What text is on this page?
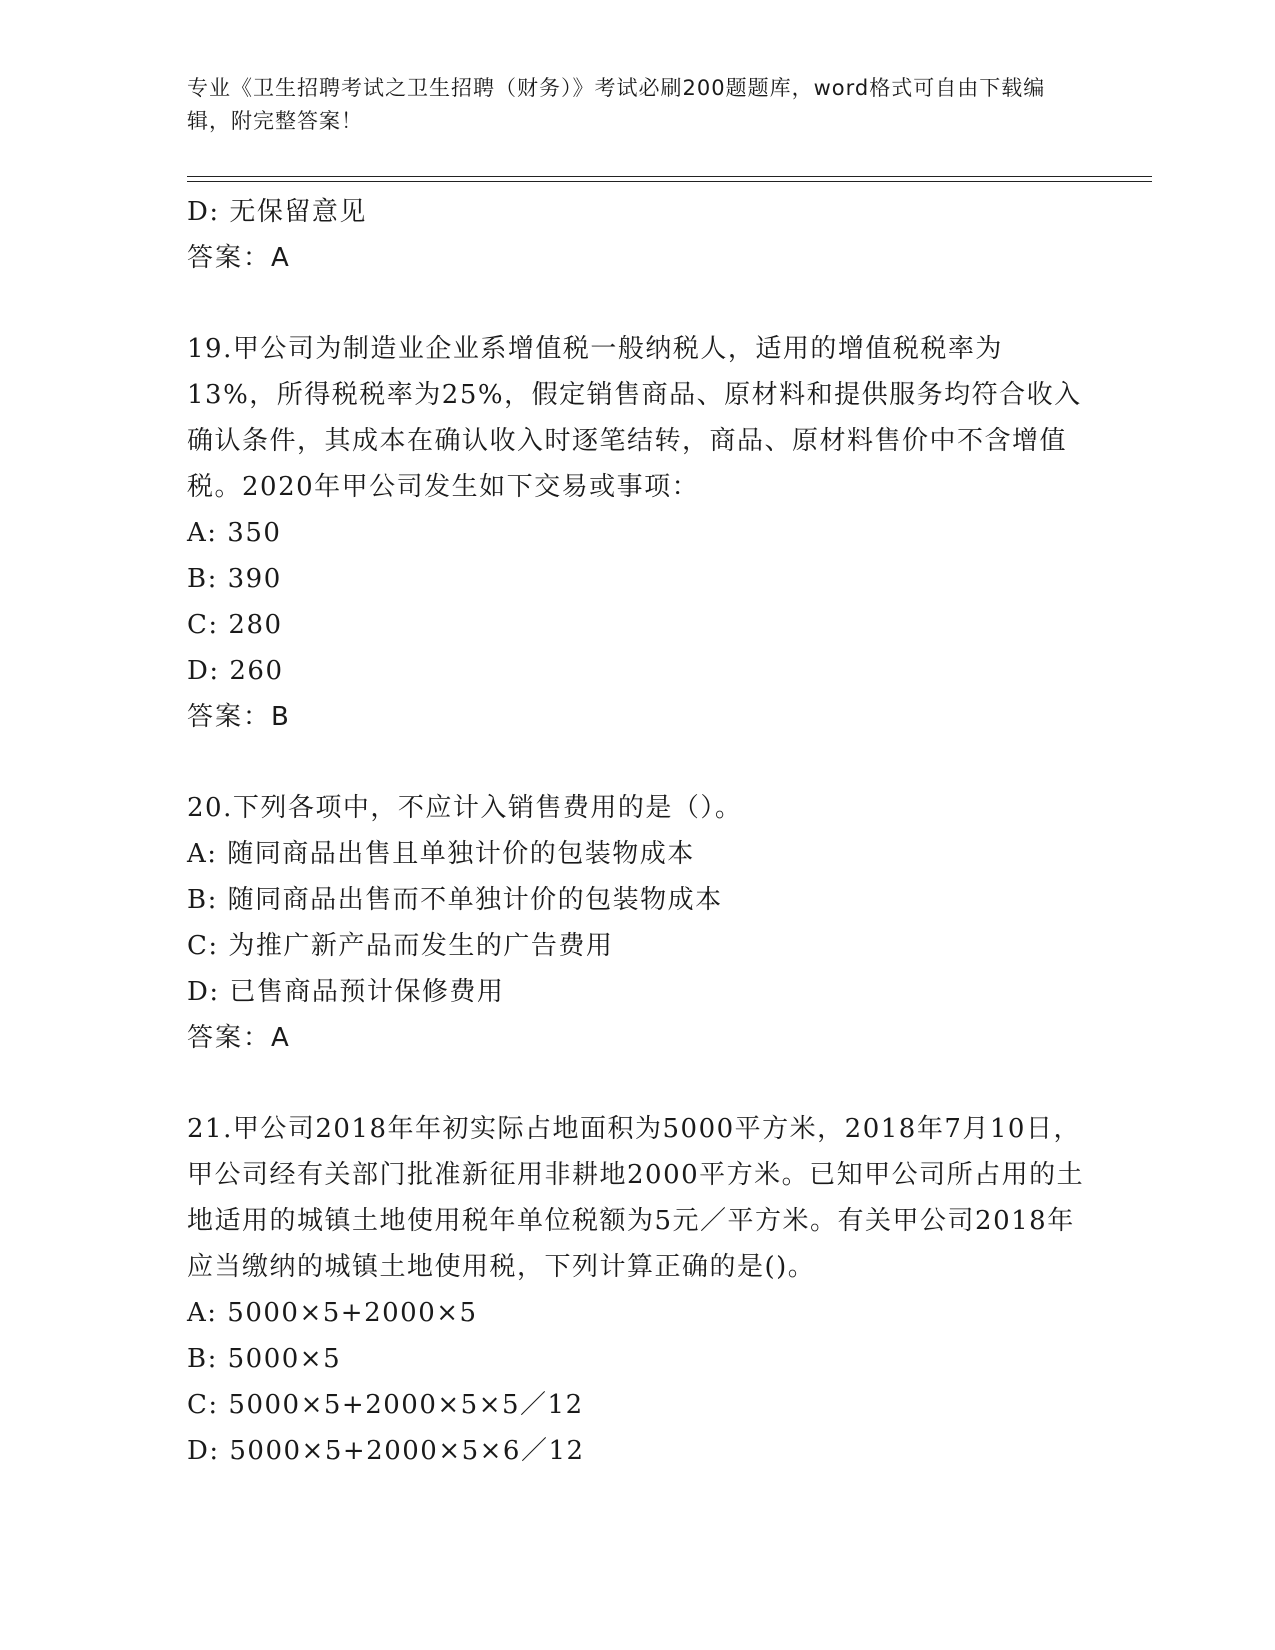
专业《卫生招聘考试之卫生招聘（财务）》考试必刷200题题库，word格式可自由下载编辑，附完整答案！
D: 无保留意见
答案：A
19.甲公司为制造业企业系增值税一般纳税人，适用的增值税税率为13%，所得税税率为25%，假定销售商品、原材料和提供服务均符合收入确认条件，其成本在确认收入时逐笔结转，商品、原材料售价中不含增值税。2020年甲公司发生如下交易或事项：
A: 350
B: 390
C: 280
D: 260
答案：B
20.下列各项中，不应计入销售费用的是（）。
A: 随同商品出售且单独计价的包装物成本
B: 随同商品出售而不单独计价的包装物成本
C: 为推广新产品而发生的广告费用
D: 已售商品预计保修费用
答案：A
21.甲公司2018年年初实际占地面积为5000平方米，2018年7月10日，甲公司经有关部门批准新征用非耕地2000平方米。已知甲公司所占用的土地适用的城镇土地使用税年单位税额为5元／平方米。有关甲公司2018年应当缴纳的城镇土地使用税，下列计算正确的是()。
A: 5000×5+2000×5
B: 5000×5
C: 5000×5+2000×5×5／12
D: 5000×5+2000×5×6／12
